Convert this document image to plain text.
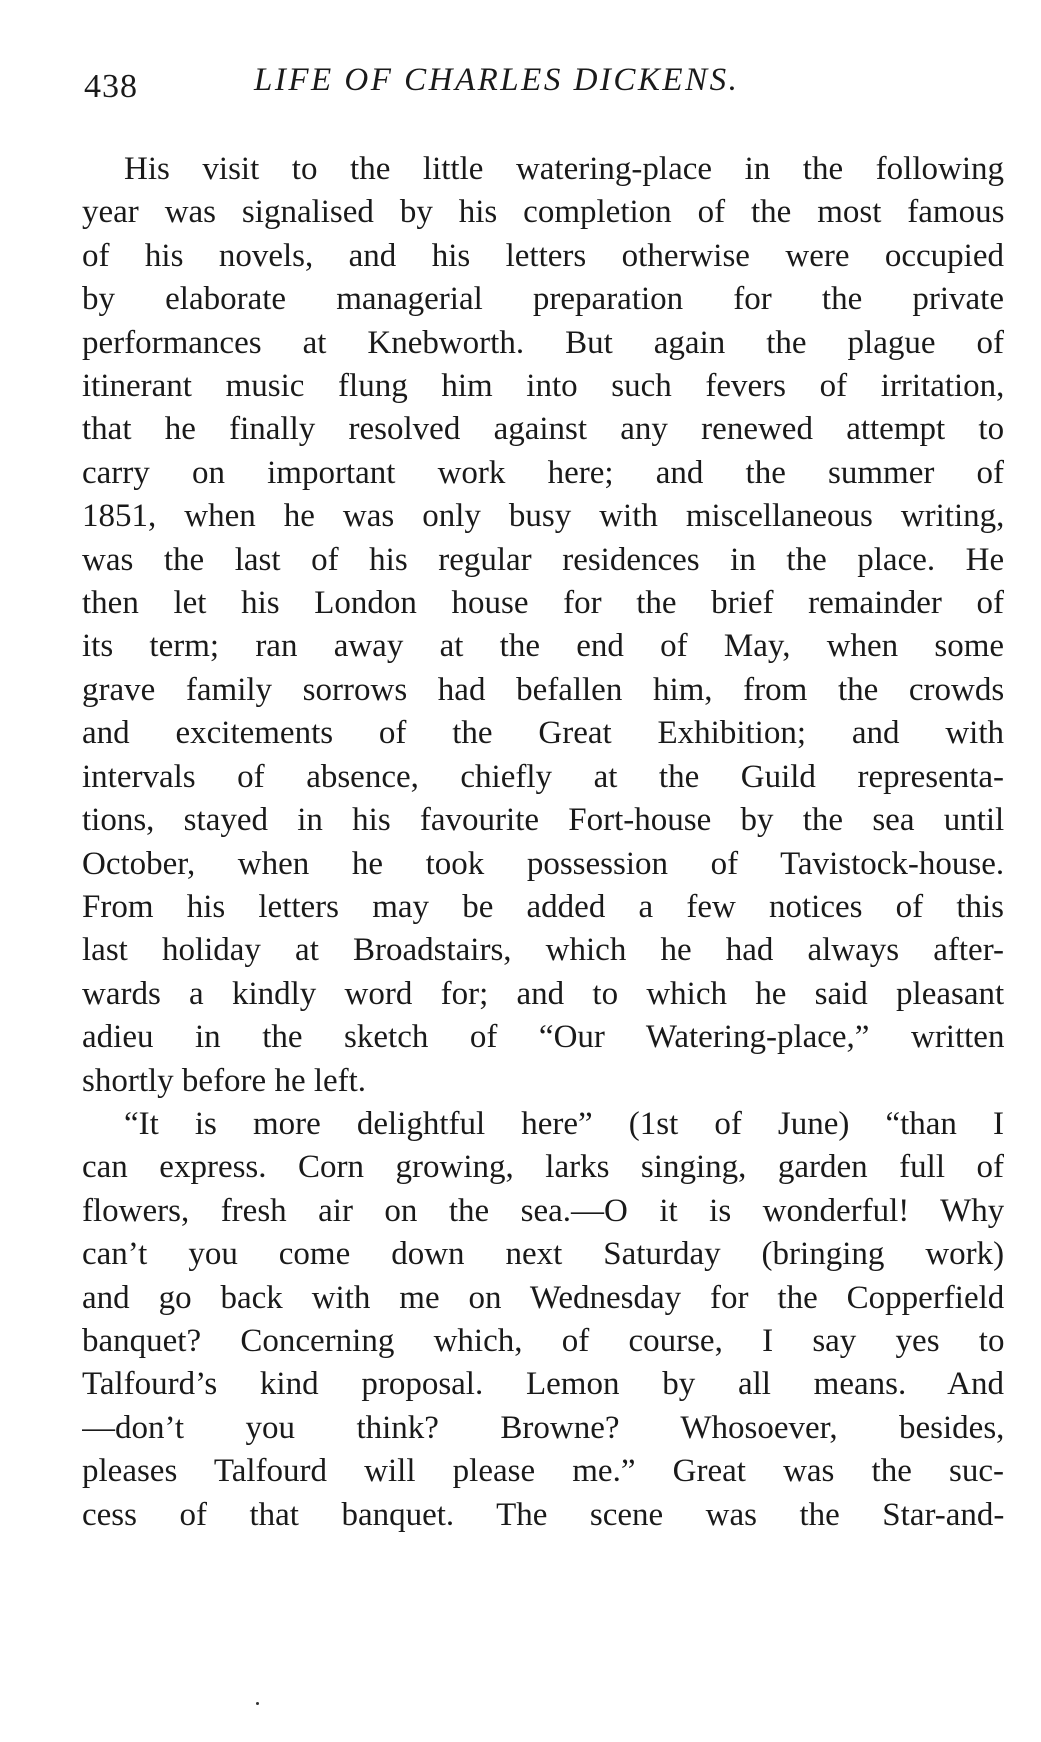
438	LIFE OF CHARLES DICKENS.
His visit to the little watering-place in the following
year was signalised by his completion of the most famous
of his novels, and his letters otherwise were occupied
by elaborate managerial preparation for the private
performances at Knebworth. But again the plague of
itinerant music flung him into such fevers of irritation,
that he finally resolved against any renewed attempt to
carry on important work here; and the summer of
1851, when he was only busy with miscellaneous writing,
was the last of his regular residences in the place. He
then let his London house for the brief remainder of
its term; ran away at the end of May, when some
grave family sorrows had befallen him, from the crowds
and excitements of the Great Exhibition; and with
intervals of absence, chiefly at the Guild representa-
tions, stayed in his favourite Fort-house by the sea until
October, when he took possession of Tavistock-house.
From his letters may be added a few notices of this
last holiday at Broadstairs, which he had always after-
wards a kindly word for; and to which he said pleasant
adieu in the sketch of “Our Watering-place,” written
shortly before he left.
“It is more delightful here” (1st of June) “than I
can express. Corn growing, larks singing, garden full of
flowers, fresh air on the sea.—O it is wonderful! Why
can’t you come down next Saturday (bringing work)
and go back with me on Wednesday for the Copperfield
banquet? Concerning which, of course, I say yes to
Talfourd’s kind proposal. Lemon by all means. And
—don’t you think? Browne? Whosoever, besides,
pleases Talfourd will please me.” Great was the suc-
cess of that banquet. The scene was the Star-and-
